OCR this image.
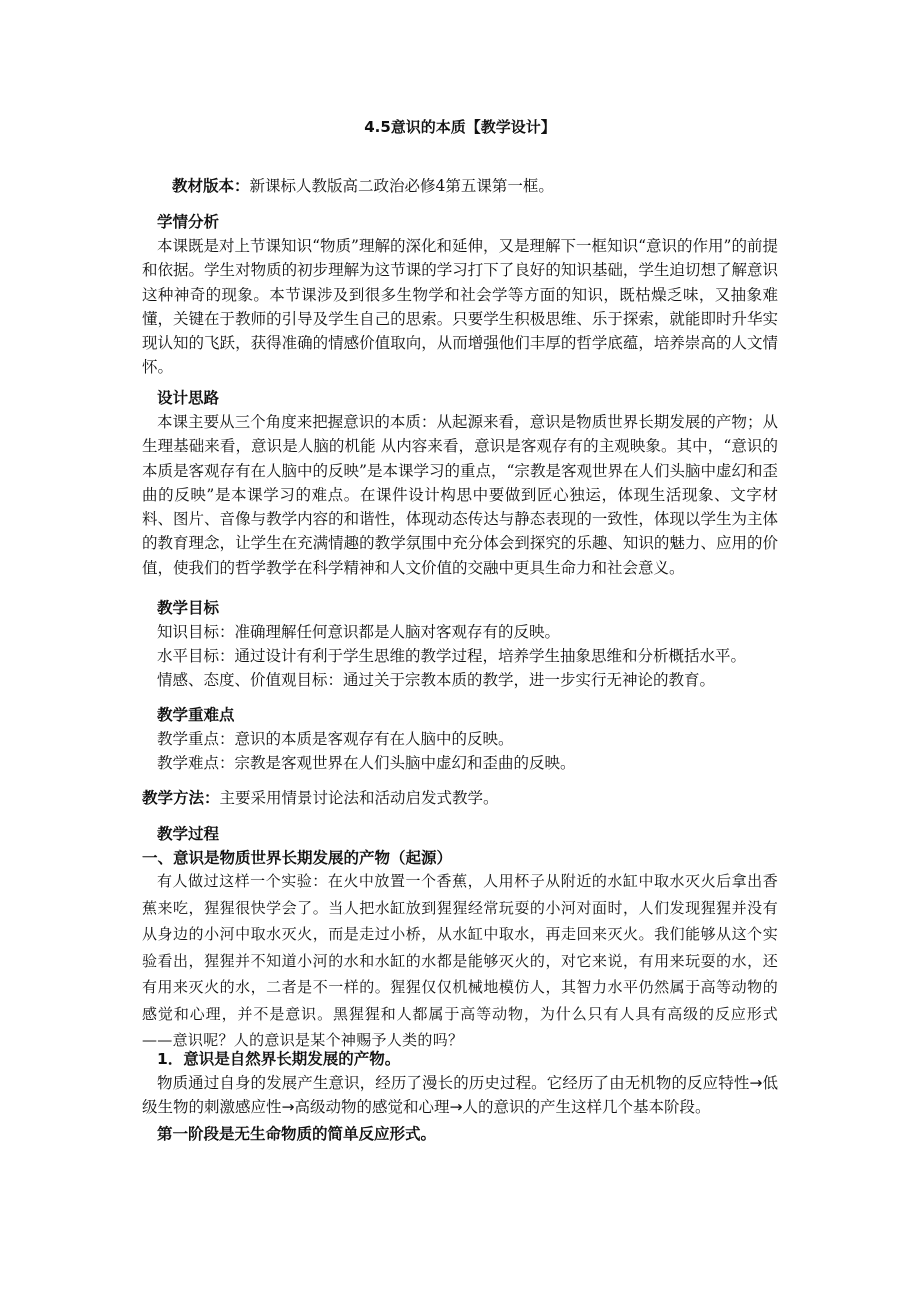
4.5意识的本质【教学设计】
教材版本：新课标人教版高二政治必修4第五课第一框。
学情分析

本课既是对上节课知识“物质”理解的深化和延伸，又是理解下一框知识“意识的作用”的前提和依据。学生对物质的初步理解为这节课的学习打下了良好的知识基础，学生迫切想了解意识这种神奇的现象。本节课涉及到很多生物学和社会学等方面的知识，既枯燥乏味，又抽象难懂，关键在于教师的引导及学生自己的思索。只要学生积极思维、乐于探索，就能即时升华实现认知的飞跃，获得准确的情感价值取向，从而增强他们丰厚的哲学底蕴，培养崇高的人文情怀。

设计思路

本课主要从三个角度来把握意识的本质：从起源来看，意识是物质世界长期发展的产物；从生理基础来看，意识是人脑的机能 从内容来看，意识是客观存有的主观映象。其中，“意识的本质是客观存有在人脑中的反映”是本课学习的重点，“宗教是客观世界在人们头脑中虚幻和歪曲的反映”是本课学习的难点。在课件设计构思中要做到匠心独运，体现生活现象、文字材料、图片、音像与教学内容的和谐性，体现动态传达与静态表现的一致性，体现以学生为主体的教育理念，让学生在充满情趣的教学氛围中充分体会到探究的乐趣、知识的魅力、应用的价值，使我们的哲学教学在科学精神和人文价值的交融中更具生命力和社会意义。

教学目标
知识目标：准确理解任何意识都是人脑对客观存有的反映。
水平目标：通过设计有利于学生思维的教学过程，培养学生抽象思维和分析概括水平。
情感、态度、价值观目标：通过关于宗教本质的教学，进一步实行无神论的教育。
教学重难点
教学重点：意识的本质是客观存有在人脑中的反映。
教学难点：宗教是客观世界在人们头脑中虚幻和歪曲的反映。
教学方法：主要采用情景讨论法和活动启发式教学。
教学过程
一、意识是物质世界长期发展的产物（起源）

有人做过这样一个实验：在火中放置一个香蕉，人用杯子从附近的水缸中取水灭火后拿出香蕉来吃，猩猩很快学会了。当人把水缸放到猩猩经常玩耍的小河对面时，人们发现猩猩并没有从身边的小河中取水灭火，而是走过小桥，从水缸中取水，再走回来灭火。我们能够从这个实验看出，猩猩并不知道小河的水和水缸的水都是能够灭火的，对它来说，有用来玩耍的水，还有用来灭火的水，二者是不一样的。猩猩仅仅机械地模仿人，其智力水平仍然属于高等动物的感觉和心理，并不是意识。黑猩猩和人都属于高等动物，为什么只有人具有高级的反应形式——意识呢？人的意识是某个神赐予人类的吗？

1．意识是自然界长期发展的产物。

物质通过自身的发展产生意识，经历了漫长的历史过程。它经历了由无机物的反应特性→低级生物的刺激感应性→高级动物的感觉和心理→人的意识的产生这样几个基本阶段。

第一阶段是无生命物质的简单反应形式。
